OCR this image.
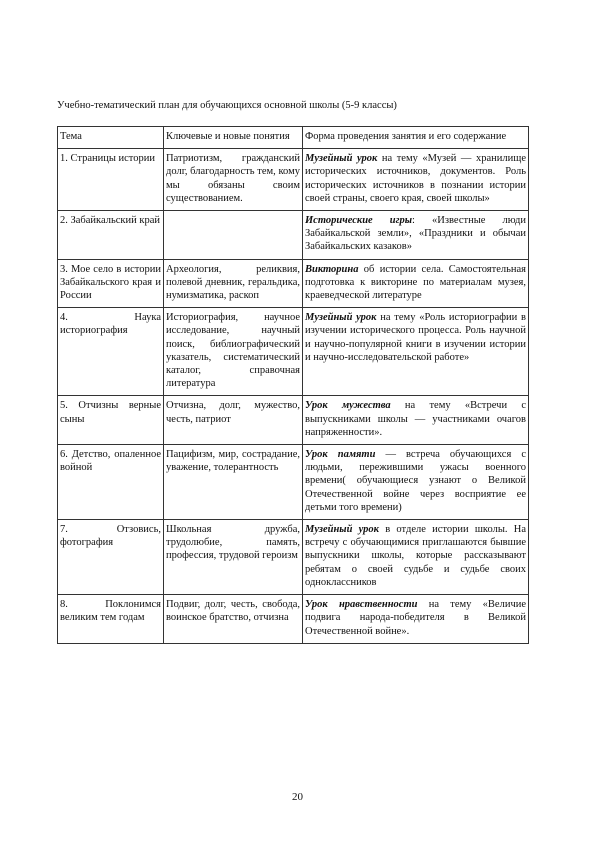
Учебно-тематический план для обучающихся основной школы (5-9 классы)
Тема	Ключевые и новые понятия	Форма проведения занятия и его содержание
1. Страницы истории	Патриотизм, гражданский долг, благодарность тем, кому мы обязаны своим существованием.	Музейный урок на тему «Музей — хранилище исторических источников, документов. Роль исторических источников в познании истории своей страны, своего края, своей школы»
2. Забайкальский край		Исторические игры: «Известные люди Забайкальской земли», «Праздники и обычаи Забайкальских казаков»
3. Мое село в истории Забайкальского края и России	Археология, реликвия, полевой дневник, геральдика, нумизматика, раскоп	Викторина об истории села. Самостоятельная подготовка к викторине по материалам музея, краеведческой литературе
4. Наука историография	Историография, научное исследование, научный поиск, библиографический указатель, систематический каталог, справочная литература	Музейный урок на тему «Роль историографии в изучении исторического процесса. Роль научной и научно-популярной книги в изучении истории и научно-исследовательской работе»
5. Отчизны верные сыны	Отчизна, долг, мужество, честь, патриот	Урок мужества на тему «Встречи с выпускниками школы — участниками очагов напряженности».
6. Детство, опаленное войной	Пацифизм, мир, сострадание, уважение, толерантность	Урок памяти — встреча обучающихся с людьми, пережившими ужасы военного времени( обучающиеся узнают о Великой Отечественной войне через восприятие ее детьми того времени)
7. Отзовись, фотография	Школьная дружба, трудолюбие, память, профессия, трудовой героизм	Музейный урок в отделе истории школы. На встречу с обучающимися приглашаются бывшие выпускники школы, которые рассказывают ребятам о своей судьбе и судьбе своих одноклассников
8. Поклонимся великим тем годам	Подвиг, долг, честь, свобода, воинское братство, отчизна	Урок нравственности на тему «Величие подвига народа-победителя в Великой Отечественной войне».
20
